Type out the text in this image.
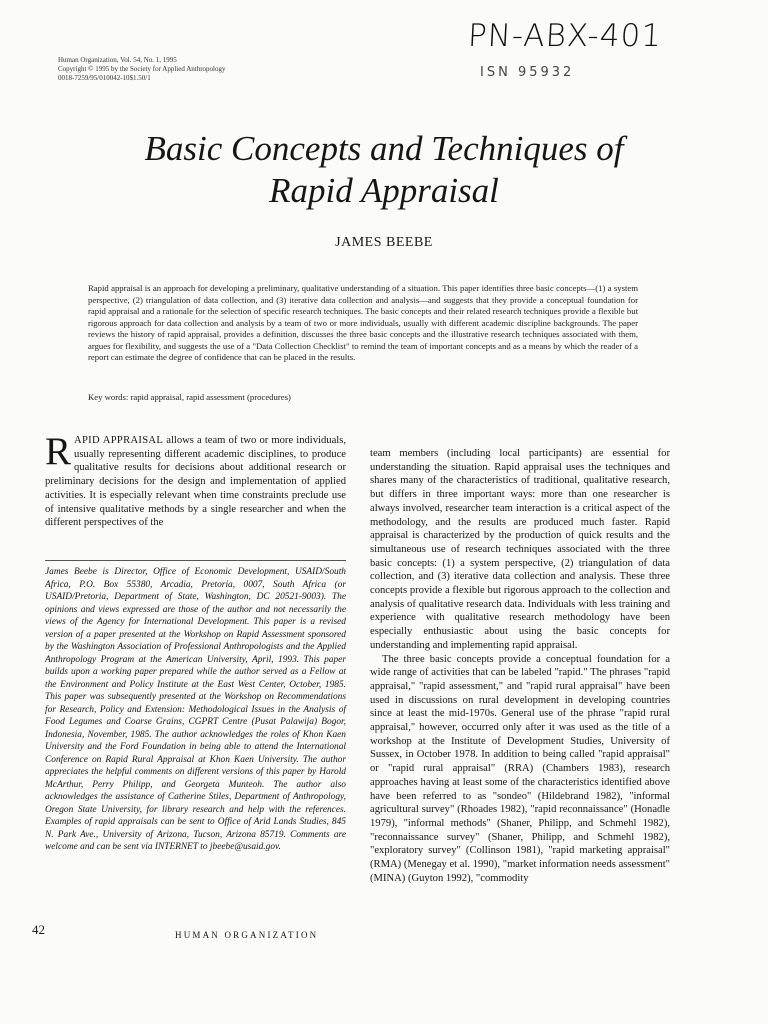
Human Organization, Vol. 54, No. 1, 1995
Copyright © 1995 by the Society for Applied Anthropology
0018-7259/95/010042-10$1.50/1
PN-ABX-401
ISN 95932
Basic Concepts and Techniques of
Rapid Appraisal
JAMES BEEBE
Rapid appraisal is an approach for developing a preliminary, qualitative understanding of a situation. This paper identifies three basic concepts—(1) a system perspective, (2) triangulation of data collection, and (3) iterative data collection and analysis—and suggests that they provide a conceptual foundation for rapid appraisal and a rationale for the selection of specific research techniques. The basic concepts and their related research techniques provide a flexible but rigorous approach for data collection and analysis by a team of two or more individuals, usually with different academic discipline backgrounds. The paper reviews the history of rapid appraisal, provides a definition, discusses the three basic concepts and the illustrative research techniques associated with them, argues for flexibility, and suggests the use of a "Data Collection Checklist" to remind the team of important concepts and as a means by which the reader of a report can estimate the degree of confidence that can be placed in the results.
Key words: rapid appraisal, rapid assessment (procedures)

RAPID APPRAISAL allows a team of two or more individuals, usually representing different academic disciplines, to produce qualitative results for decisions about additional research or preliminary decisions for the design and implementation of applied activities. It is especially relevant when time constraints preclude use of intensive qualitative methods by a single researcher and when the different perspectives of the

James Beebe is Director, Office of Economic Development, USAID/South Africa, P.O. Box 55380, Arcadia, Pretoria, 0007, South Africa (or USAID/Pretoria, Department of State, Washington, DC 20521-9003). The opinions and views expressed are those of the author and not necessarily the views of the Agency for International Development. This paper is a revised version of a paper presented at the Workshop on Rapid Assessment sponsored by the Washington Association of Professional Anthropologists and the Applied Anthropology Program at the American University, April, 1993. This paper builds upon a working paper prepared while the author served as a Fellow at the Environment and Policy Institute at the East West Center, October, 1985. This paper was subsequently presented at the Workshop on Recommendations for Research, Policy and Extension: Methodological Issues in the Analysis of Food Legumes and Coarse Grains, CGPRT Centre (Pusat Palawija) Bogor, Indonesia, November, 1985. The author acknowledges the roles of Khon Kaen University and the Ford Foundation in being able to attend the International Conference on Rapid Rural Appraisal at Khon Kaen University. The author appreciates the helpful comments on different versions of this paper by Harold McArthur, Perry Philipp, and Georgeta Munteoh. The author also acknowledges the assistance of Catherine Stiles, Department of Anthropology, Oregon State University, for library research and help with the references. Examples of rapid appraisals can be sent to Office of Arid Lands Studies, 845 N. Park Ave., University of Arizona, Tucson, Arizona 85719. Comments are welcome and can be sent via INTERNET to jbeebe@usaid.gov.

team members (including local participants) are essential for understanding the situation. Rapid appraisal uses the techniques and shares many of the characteristics of traditional, qualitative research, but differs in three important ways: more than one researcher is always involved, researcher team interaction is a critical aspect of the methodology, and the results are produced much faster. Rapid appraisal is characterized by the production of quick results and the simultaneous use of research techniques associated with the three basic concepts: (1) a system perspective, (2) triangulation of data collection, and (3) iterative data collection and analysis. These three concepts provide a flexible but rigorous approach to the collection and analysis of qualitative research data. Individuals with less training and experience with qualitative research methodology have been especially enthusiastic about using the basic concepts for understanding and implementing rapid appraisal.

The three basic concepts provide a conceptual foundation for a wide range of activities that can be labeled "rapid." The phrases "rapid appraisal," "rapid assessment," and "rapid rural appraisal" have been used in discussions on rural development in developing countries since at least the mid-1970s. General use of the phrase "rapid rural appraisal," however, occurred only after it was used as the title of a workshop at the Institute of Development Studies, University of Sussex, in October 1978. In addition to being called "rapid appraisal" or "rapid rural appraisal" (RRA) (Chambers 1983), research approaches having at least some of the characteristics identified above have been referred to as "sondeo" (Hildebrand 1982), "informal agricultural survey" (Rhoades 1982), "rapid reconnaissance" (Honadle 1979), "informal methods" (Shaner, Philipp, and Schmehl 1982), "reconnaissance survey" (Shaner, Philipp, and Schmehl 1982), "exploratory survey" (Collinson 1981), "rapid marketing appraisal" (RMA) (Menegay et al. 1990), "market information needs assessment" (MINA) (Guyton 1992), "commodity

42	HUMAN ORGANIZATION
